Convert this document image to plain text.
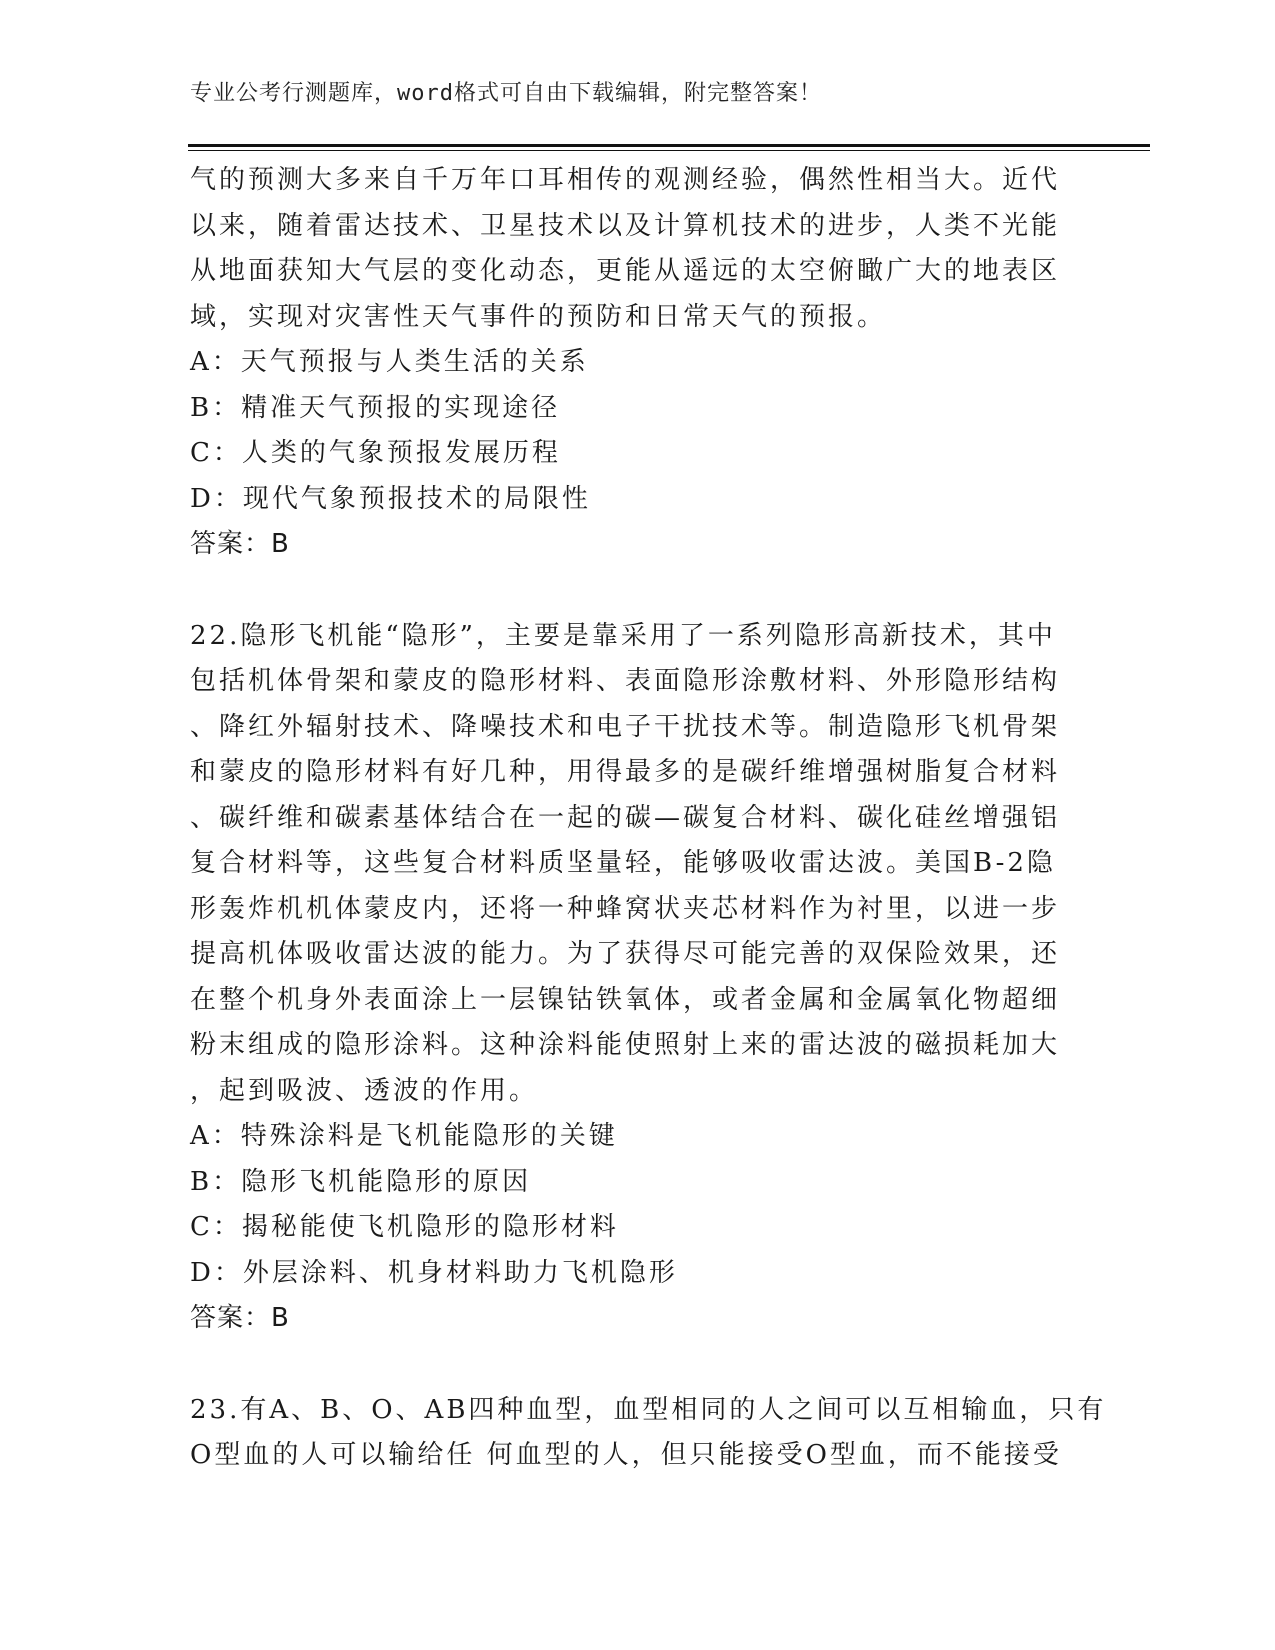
专业公考行测题库，word格式可自由下载编辑，附完整答案！
气的预测大多来自千万年口耳相传的观测经验，偶然性相当大。近代
以来，随着雷达技术、卫星技术以及计算机技术的进步，人类不光能
从地面获知大气层的变化动态，更能从遥远的太空俯瞰广大的地表区
域，实现对灾害性天气事件的预防和日常天气的预报。
A：天气预报与人类生活的关系
B：精准天气预报的实现途径
C：人类的气象预报发展历程
D：现代气象预报技术的局限性
答案：B
22.隐形飞机能“隐形”，主要是靠采用了一系列隐形高新技术，其中
包括机体骨架和蒙皮的隐形材料、表面隐形涂敷材料、外形隐形结构
、降红外辐射技术、降噪技术和电子干扰技术等。制造隐形飞机骨架
和蒙皮的隐形材料有好几种，用得最多的是碳纤维增强树脂复合材料
、碳纤维和碳素基体结合在一起的碳—碳复合材料、碳化硅丝增强铝
复合材料等，这些复合材料质坚量轻，能够吸收雷达波。美国B-2隐
形轰炸机机体蒙皮内，还将一种蜂窝状夹芯材料作为衬里，以进一步
提高机体吸收雷达波的能力。为了获得尽可能完善的双保险效果，还
在整个机身外表面涂上一层镍钴铁氧体，或者金属和金属氧化物超细
粉末组成的隐形涂料。这种涂料能使照射上来的雷达波的磁损耗加大
，起到吸波、透波的作用。
A：特殊涂料是飞机能隐形的关键
B：隐形飞机能隐形的原因
C：揭秘能使飞机隐形的隐形材料
D：外层涂料、机身材料助力飞机隐形
答案：B
23.有A、B、O、AB四种血型，血型相同的人之间可以互相输血，只有
O型血的人可以输给任 何血型的人，但只能接受O型血，而不能接受
